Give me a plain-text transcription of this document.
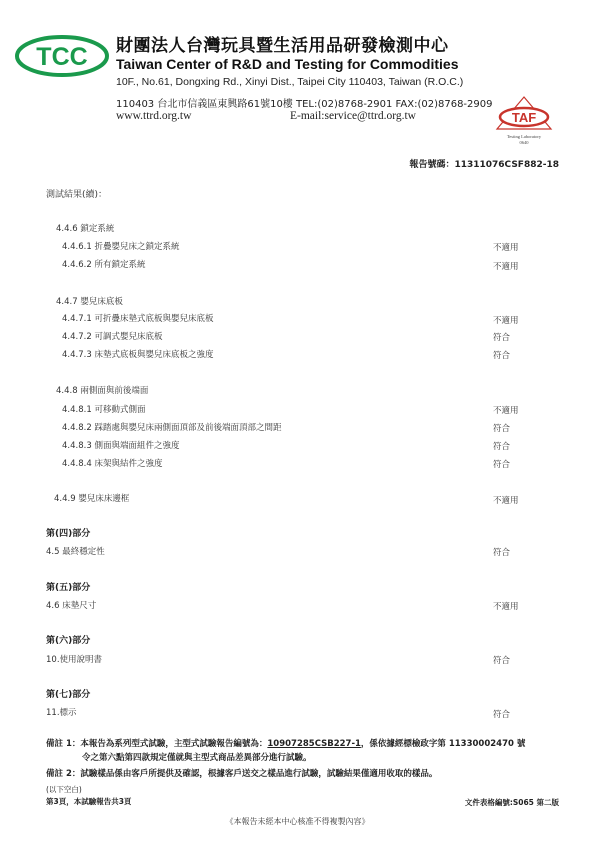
TCC 財團法人台灣玩具暨生活用品研發檢測中心
Taiwan Center of R&D and Testing for Commodities
10F., No.61, Dongxing Rd., Xinyi Dist., Taipei City 110403, Taiwan (R.O.C.)
110403 台北市信義區東興路61號10樓 TEL:(02)8768-2901 FAX:(02)8768-2909
www.ttrd.org.tw	E-mail:service@ttrd.org.tw	TAF
Testing Laboratory
0640
報告號碼：11311076CSF882-18
測試結果(續)：
4.4.6 鎖定系統
4.4.6.1 折疊嬰兒床之鎖定系統	不適用
4.4.6.2 所有鎖定系統	不適用
4.4.7 嬰兒床底板
4.4.7.1 可折疊床墊式底板與嬰兒床底板	不適用
4.4.7.2 可調式嬰兒床底板	符合
4.4.7.3 床墊式底板與嬰兒床底板之強度	符合
4.4.8 兩側面與前後端面
4.4.8.1 可移動式側面	不適用
4.4.8.2 踩踏處與嬰兒床兩側面頂部及前後端面頂部之間距	符合
4.4.8.3 側面與端面組件之強度	符合
4.4.8.4 床架與結件之強度	符合
4.4.9 嬰兒床床邊框	不適用
第(四)部分
4.5 最終穩定性	符合
第(五)部分
4.6 床墊尺寸	不適用
第(六)部分
10.使用說明書	符合
第(七)部分
11.標示	符合
備註 1：本報告為系列型式試驗，主型式試驗報告編號為：10907285CSB227-1，係依據經標檢政字第 11330002470 號
令之第六點第四款規定僅就與主型式商品差異部分進行試驗。
備註 2：試驗樣品係由客戶所提供及確認，根據客戶送交之樣品進行試驗，試驗結果僅適用收取的樣品。
(以下空白)
第3頁，本試驗報告共3頁	文件表格編號:S065 第二版
《本報告未經本中心核准不得複製內容》
